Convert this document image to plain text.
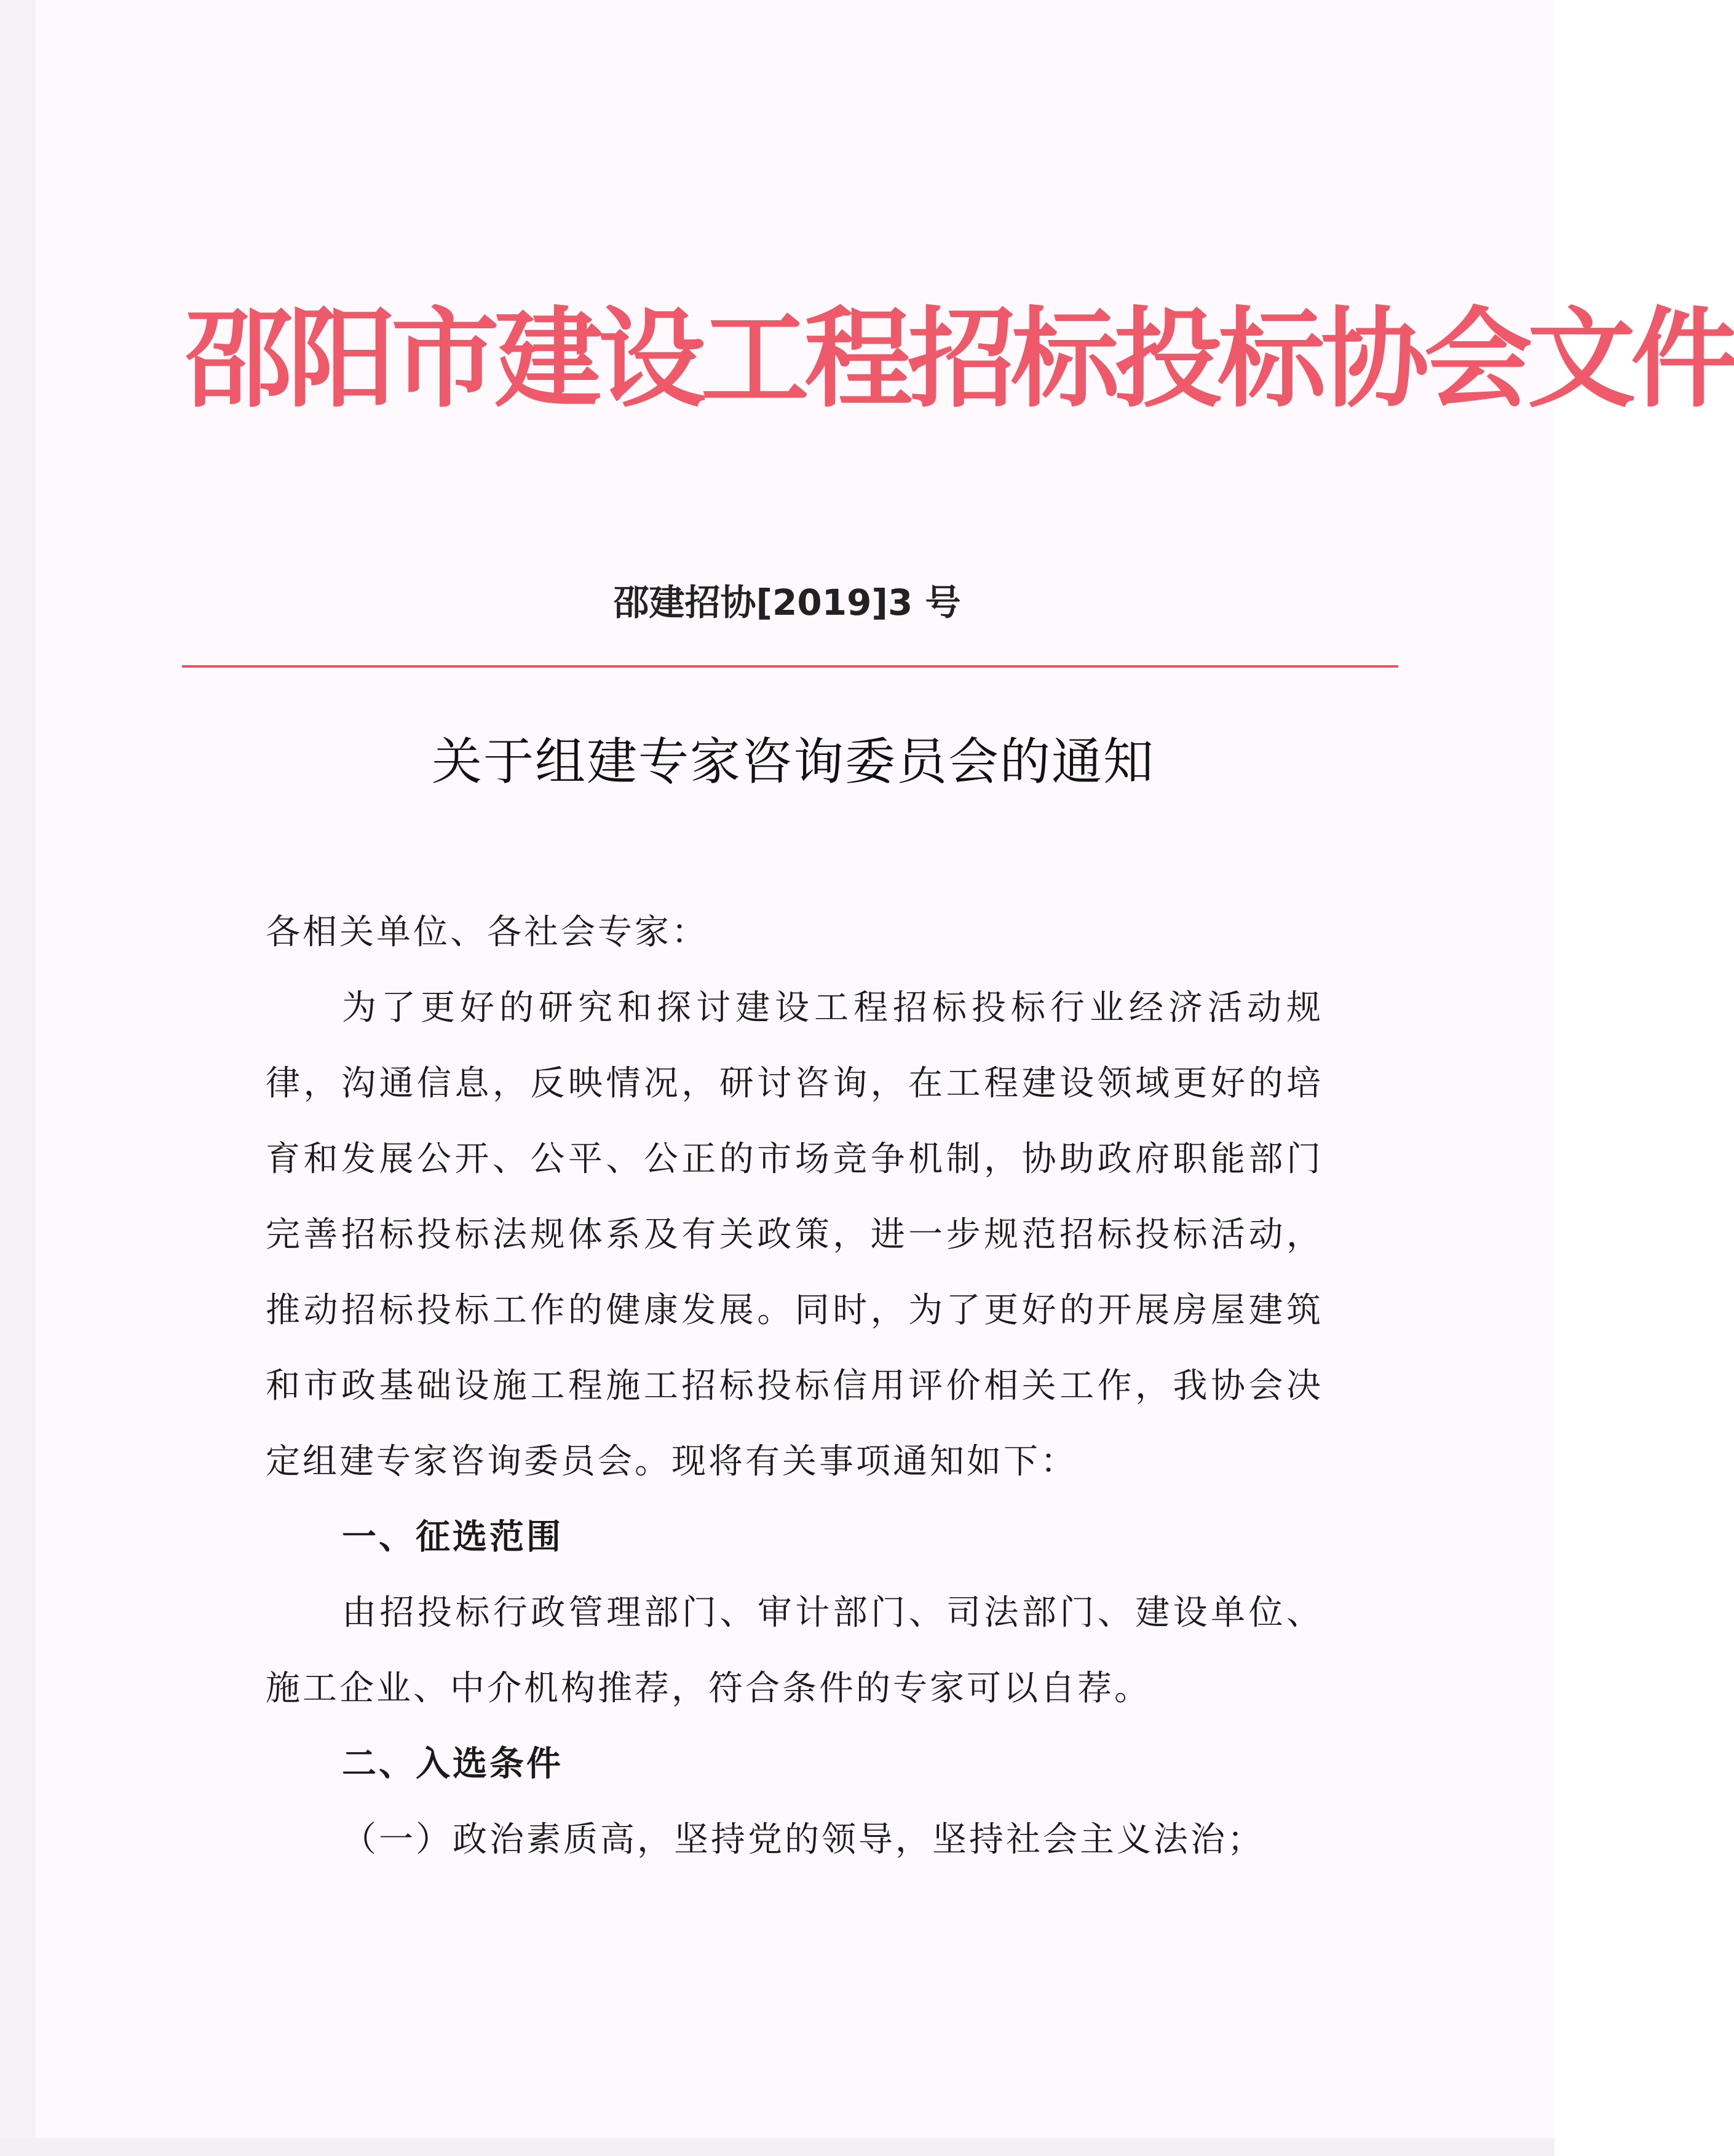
邵阳市建设工程招标投标协会文件
邵建招协[2019]3 号
关于组建专家咨询委员会的通知

各相关单位、各社会专家：

为了更好的研究和探讨建设工程招标投标行业经济活动规律，沟通信息，反映情况，研讨咨询，在工程建设领域更好的培育和发展公开、公平、公正的市场竞争机制，协助政府职能部门完善招标投标法规体系及有关政策，进一步规范招标投标活动，推动招标投标工作的健康发展。同时，为了更好的开展房屋建筑和市政基础设施工程施工招标投标信用评价相关工作，我协会决定组建专家咨询委员会。现将有关事项通知如下：

一、征选范围

由招投标行政管理部门、审计部门、司法部门、建设单位、施工企业、中介机构推荐，符合条件的专家可以自荐。

二、入选条件

（一）政治素质高，坚持党的领导，坚持社会主义法治；
